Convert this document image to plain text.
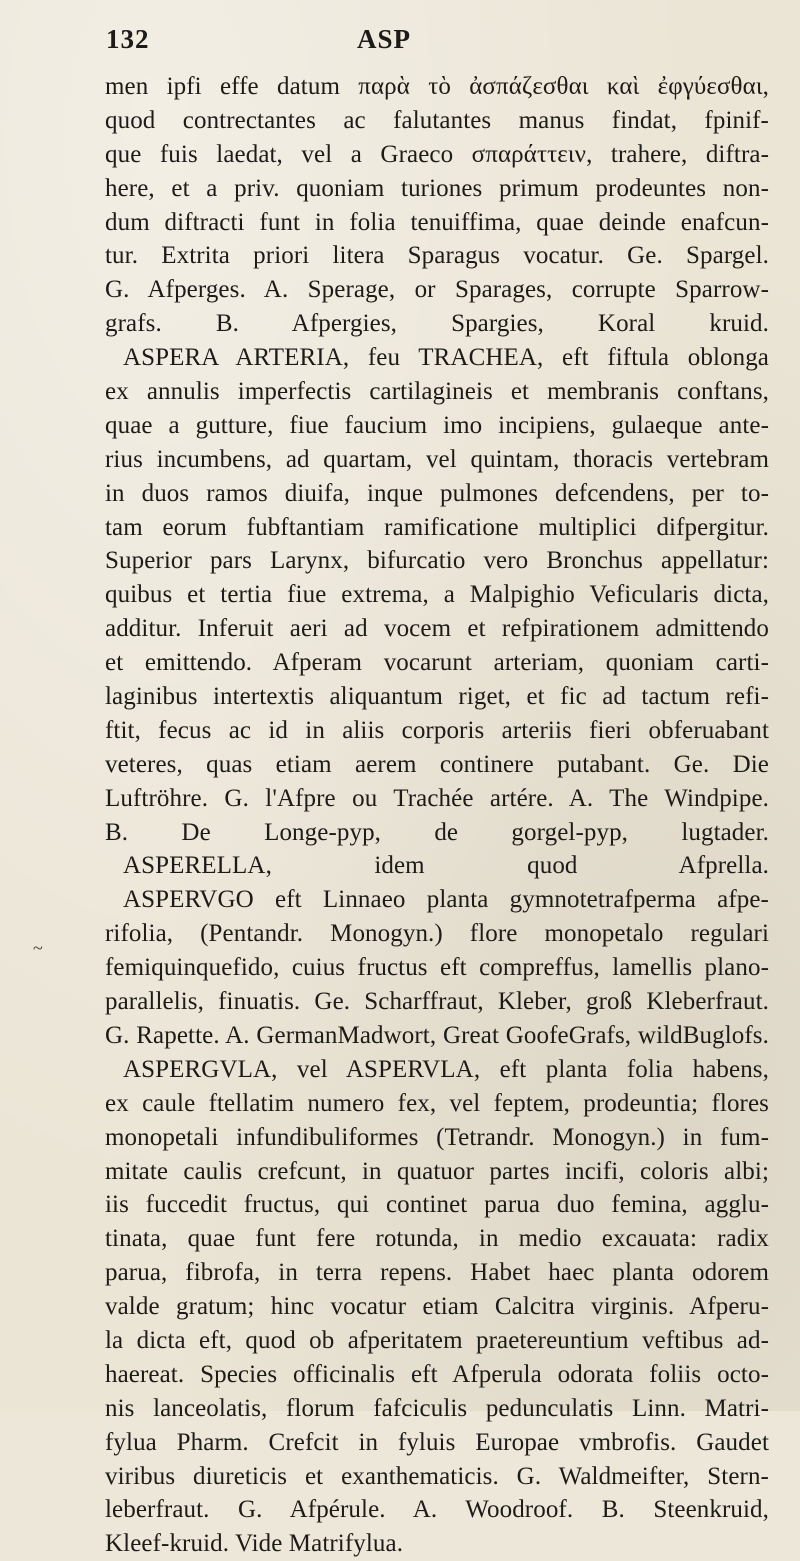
132	ASP
~
men ipfi effe datum παρὰ τὸ ἀσπάζεσθαι καὶ ἐφγύεσθαι,
quod contrectantes ac falutantes manus findat, fpinif-
que fuis laedat, vel a Graeco σπαράττειν, trahere, diftra-
here, et a priv. quoniam turiones primum prodeuntes non-
dum diftracti funt in folia tenuiffima, quae deinde enafcun-
tur. Extrita priori litera Sparagus vocatur. Ge. Spargel.
G. Afperges. A. Sperage, or Sparages, corrupte Sparrow-
grafs. B. Afpergies, Spargies, Koral kruid.
ASPERA ARTERIA, feu TRACHEA, eft fiftula oblonga
ex annulis imperfectis cartilagineis et membranis conftans,
quae a gutture, fiue faucium imo incipiens, gulaeque ante-
rius incumbens, ad quartam, vel quintam, thoracis vertebram
in duos ramos diuifa, inque pulmones defcendens, per to-
tam eorum fubftantiam ramificatione multiplici difpergitur.
Superior pars Larynx, bifurcatio vero Bronchus appellatur:
quibus et tertia fiue extrema, a Malpighio Veficularis dicta,
additur. Inferuit aeri ad vocem et refpirationem admittendo
et emittendo. Afperam vocarunt arteriam, quoniam carti-
laginibus intertextis aliquantum riget, et fic ad tactum refi-
ftit, fecus ac id in aliis corporis arteriis fieri obferuabant
veteres, quas etiam aerem continere putabant. Ge. Die
Luftröhre. G. l'Afpre ou Trachée artére. A. The Windpipe.
B. De Longe-pyp, de gorgel-pyp, lugtader.
ASPERELLA, idem quod Afprella.
ASPERVGO eft Linnaeo planta gymnotetrafperma afpe-
rifolia, (Pentandr. Monogyn.) flore monopetalo regulari
femiquinquefido, cuius fructus eft compreffus, lamellis plano-
parallelis, finuatis. Ge. Scharffraut, Kleber, groß Kleberfraut.
G. Rapette. A. GermanMadwort, Great GoofeGrafs, wildBuglofs.
ASPERGVLA, vel ASPERVLA, eft planta folia habens,
ex caule ftellatim numero fex, vel feptem, prodeuntia; flores
monopetali infundibuliformes (Tetrandr. Monogyn.) in fum-
mitate caulis crefcunt, in quatuor partes incifi, coloris albi;
iis fuccedit fructus, qui continet parua duo femina, agglu-
tinata, quae funt fere rotunda, in medio excauata: radix
parua, fibrofa, in terra repens. Habet haec planta odorem
valde gratum; hinc vocatur etiam Calcitra virginis. Afperu-
la dicta eft, quod ob afperitatem praetereuntium veftibus ad-
haereat. Species officinalis eft Afperula odorata foliis octo-
nis lanceolatis, florum fafciculis pedunculatis Linn. Matri-
fylua Pharm. Crefcit in fyluis Europae vmbrofis. Gaudet
viribus diureticis et exanthematicis. G. Waldmeifter, Stern-
leberfraut. G. Afpérule. A. Woodroof. B. Steenkruid,
Kleef-kruid. Vide Matrifylua.
